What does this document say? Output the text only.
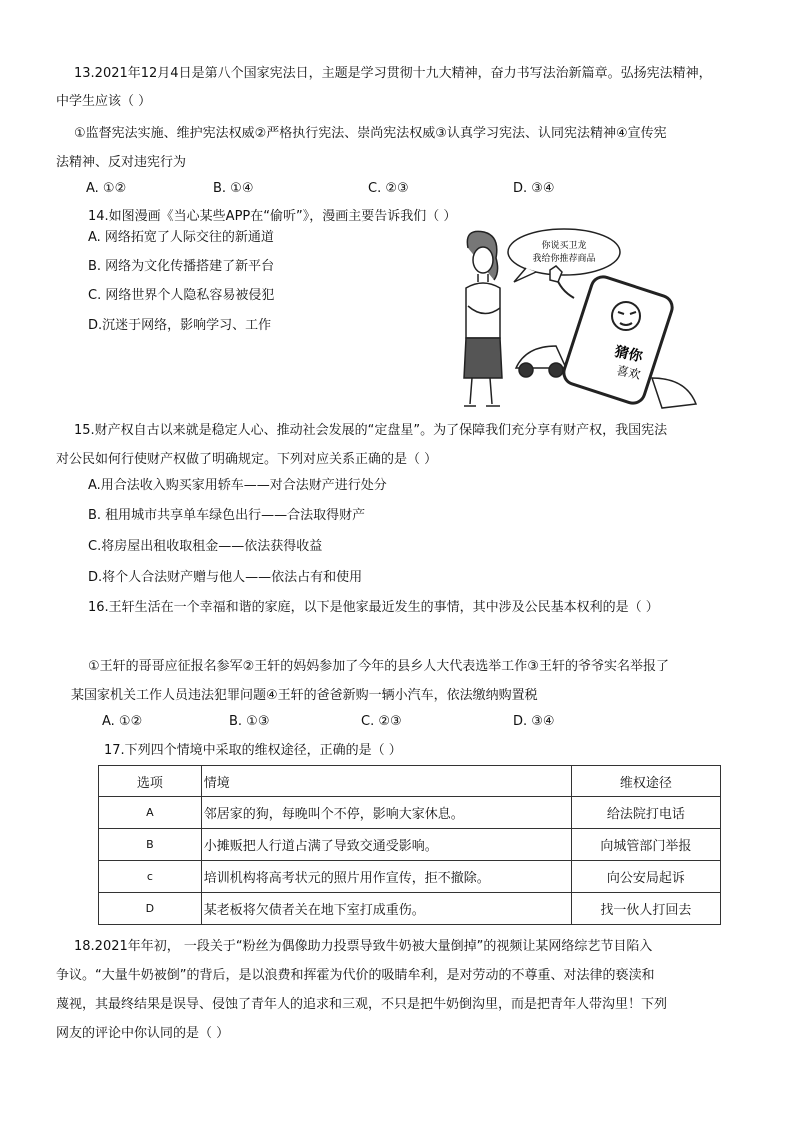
13.2021年12月4日是第八个国家宪法日，主题是学习贯彻十九大精神，奋力书写法治新篇章。弘扬宪法精神，
中学生应该（ ）
①监督宪法实施、维护宪法权威②严格执行宪法、崇尚宪法权威③认真学习宪法、认同宪法精神④宣传宪
法精神、反对违宪行为
A. ①②	B. ①④	C. ②③	D. ③④
14.如图漫画《当心某些APP在“偷听”》，漫画主要告诉我们（ ）
A. 网络拓宽了人际交往的新通道
B. 网络为文化传播搭建了新平台
C. 网络世界个人隐私容易被侵犯
D.沉迷于网络，影响学习、工作
你说买卫龙
我给你推荐商品
猜你
喜欢
15.财产权自古以来就是稳定人心、推动社会发展的“定盘星”。为了保障我们充分享有财产权，我国宪法
对公民如何行使财产权做了明确规定。下列对应关系正确的是（ ）
A.用合法收入购买家用轿车——对合法财产进行处分
B. 租用城市共享单车绿色出行——合法取得财产
C.将房屋出租收取租金——依法获得收益
D.将个人合法财产赠与他人——依法占有和使用
16.王轩生活在一个幸福和谐的家庭，以下是他家最近发生的事情，其中涉及公民基本权利的是（ ）
①王轩的哥哥应征报名参军②王轩的妈妈参加了今年的县乡人大代表选举工作③王轩的爷爷实名举报了
某国家机关工作人员违法犯罪问题④王轩的爸爸新购一辆小汽车，依法缴纳购置税
A. ①②	B. ①③	C. ②③	D. ③④
17.下列四个情境中采取的维权途径，正确的是（ ）
选项	情境	维权途径
A	邻居家的狗，每晚叫个不停，影响大家休息。	给法院打电话
B	小摊贩把人行道占满了导致交通受影响。	向城管部门举报
c	培训机构将高考状元的照片用作宣传，拒不撤除。	向公安局起诉
D	某老板将欠债者关在地下室打成重伤。	找一伙人打回去
18.2021年年初， 一段关于“粉丝为偶像助力投票导致牛奶被大量倒掉”的视频让某网络综艺节目陷入
争议。“大量牛奶被倒”的背后，是以浪费和挥霍为代价的吸睛牟利，是对劳动的不尊重、对法律的亵渎和
蔑视，其最终结果是误导、侵蚀了青年人的追求和三观，不只是把牛奶倒沟里，而是把青年人带沟里！下列
网友的评论中你认同的是（ ）
